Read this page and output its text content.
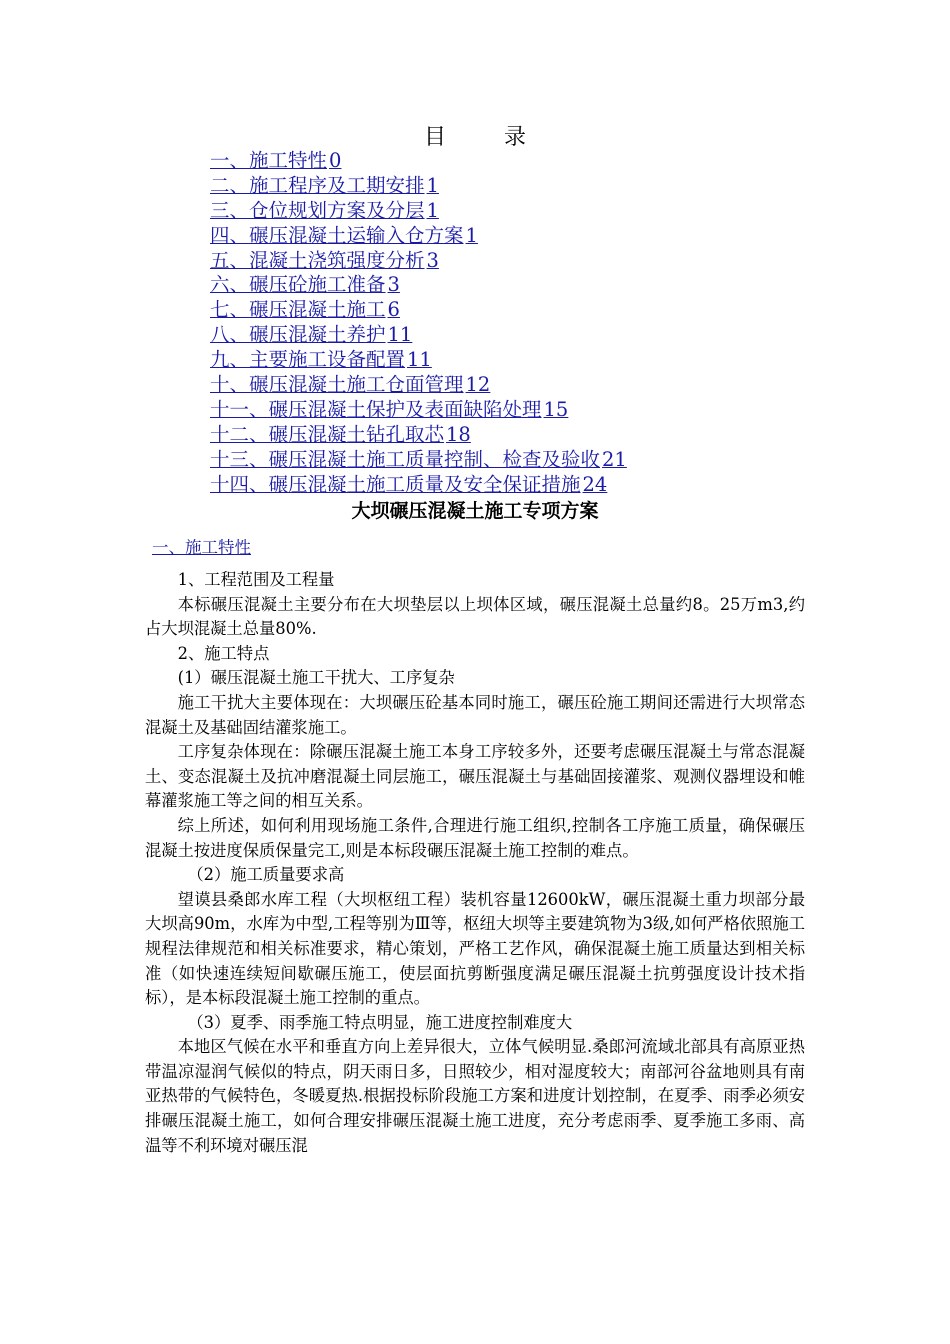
目录
一、施工特性 0
二、施工程序及工期安排 1
三、仓位规划方案及分层 1
四、碾压混凝土运输入仓方案 1
五、混凝土浇筑强度分析 3
六、碾压砼施工准备 3
七、碾压混凝土施工 6
八、碾压混凝土养护 11
九、主要施工设备配置 11
十、碾压混凝土施工仓面管理 12
十一、碾压混凝土保护及表面缺陷处理 15
十二、碾压混凝土钻孔取芯 18
十三、碾压混凝土施工质量控制、检查及验收 21
十四、碾压混凝土施工质量及安全保证措施 24
大坝碾压混凝土施工专项方案
一、施工特性

1、工程范围及工程量

本标碾压混凝土主要分布在大坝垫层以上坝体区域，碾压混凝土总量约8。25万m3,约占大坝混凝土总量80%.

2、施工特点

(1）碾压混凝土施工干扰大、工序复杂

施工干扰大主要体现在：大坝碾压砼基本同时施工，碾压砼施工期间还需进行大坝常态混凝土及基础固结灌浆施工。

工序复杂体现在：除碾压混凝土施工本身工序较多外，还要考虑碾压混凝土与常态混凝土、变态混凝土及抗冲磨混凝土同层施工，碾压混凝土与基础固接灌浆、观测仪器埋设和帷幕灌浆施工等之间的相互关系。

综上所述，如何利用现场施工条件,合理进行施工组织,控制各工序施工质量，确保碾压混凝土按进度保质保量完工,则是本标段碾压混凝土施工控制的难点。

（2）施工质量要求高

望谟县桑郎水库工程（大坝枢纽工程）装机容量12600kW，碾压混凝土重力坝部分最大坝高90m，水库为中型,工程等别为Ⅲ等，枢纽大坝等主要建筑物为3级,如何严格依照施工规程法律规范和相关标准要求，精心策划，严格工艺作风，确保混凝土施工质量达到相关标准（如快速连续短间歇碾压施工，使层面抗剪断强度满足碾压混凝土抗剪强度设计技术指标），是本标段混凝土施工控制的重点。

（3）夏季、雨季施工特点明显，施工进度控制难度大

本地区气候在水平和垂直方向上差异很大，立体气候明显.桑郎河流域北部具有高原亚热带温凉湿润气候似的特点，阴天雨日多，日照较少，相对湿度较大；南部河谷盆地则具有南亚热带的气候特色，冬暖夏热.根据投标阶段施工方案和进度计划控制，在夏季、雨季必须安排碾压混凝土施工，如何合理安排碾压混凝土施工进度，充分考虑雨季、夏季施工多雨、高温等不利环境对碾压混
